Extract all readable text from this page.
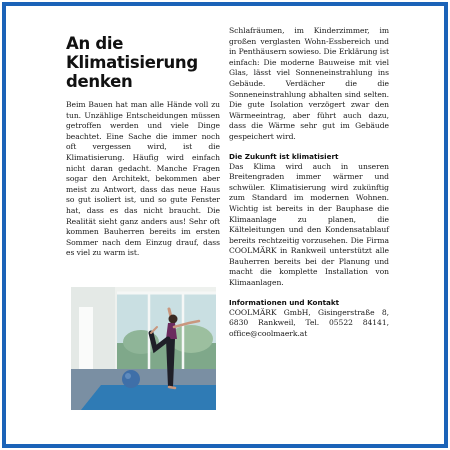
An die Klimatisierung denken

Beim Bauen hat man alle Hände voll zu tun. Unzählige Entscheidungen müssen getroffen werden und viele Dinge beachtet. Eine Sache die immer noch oft vergessen wird, ist die Klimatisierung. Häufig wird einfach nicht daran gedacht. Manche Fragen sogar den Architekt, bekommen aber meist zu Antwort, dass das neue Haus so gut isoliert ist, und so gute Fenster hat, dass es das nicht braucht. Die Realität sieht ganz anders aus! Sehr oft kommen Bauherren bereits im ersten Sommer nach dem Einzug drauf, dass es viel zu warm ist.

Schlafräumen, im Kinderzimmer, im großen verglasten Wohn-Essbereich und in Penthäusern sowieso. Die Erklärung ist einfach: Die moderne Bauweise mit viel Glas, lässt viel Sonneneinstrahlung ins Gebäude. Verdächer die die Sonneneinstrahlung abhalten sind selten. Die gute Isolation verzögert zwar den Wärmeeintrag, aber führt auch dazu, dass die Wärme sehr gut im Gebäude gespeichert wird.

Die Zukunft ist klimatisiert

Das Klima wird auch in unseren Breitengraden immer wärmer und schwüler. Klimatisierung wird zukünftig zum Standard im modernen Wohnen. Wichtig ist bereits in der Bauphase die Klimaanlage zu planen, die Kälteleitungen und den Kondensatablauf bereits rechtzeitig vorzusehen. Die Firma COOLMÄRK in Rankweil unterstützt alle Bauherren bereits bei der Planung und macht die komplette Installation von Klimaanlagen.

Informationen und Kontakt

COOLMÄRK GmbH, Gisingerstraße 8, 6830 Rankweil, Tel. 05522 84141, office@coolmaerk.at
